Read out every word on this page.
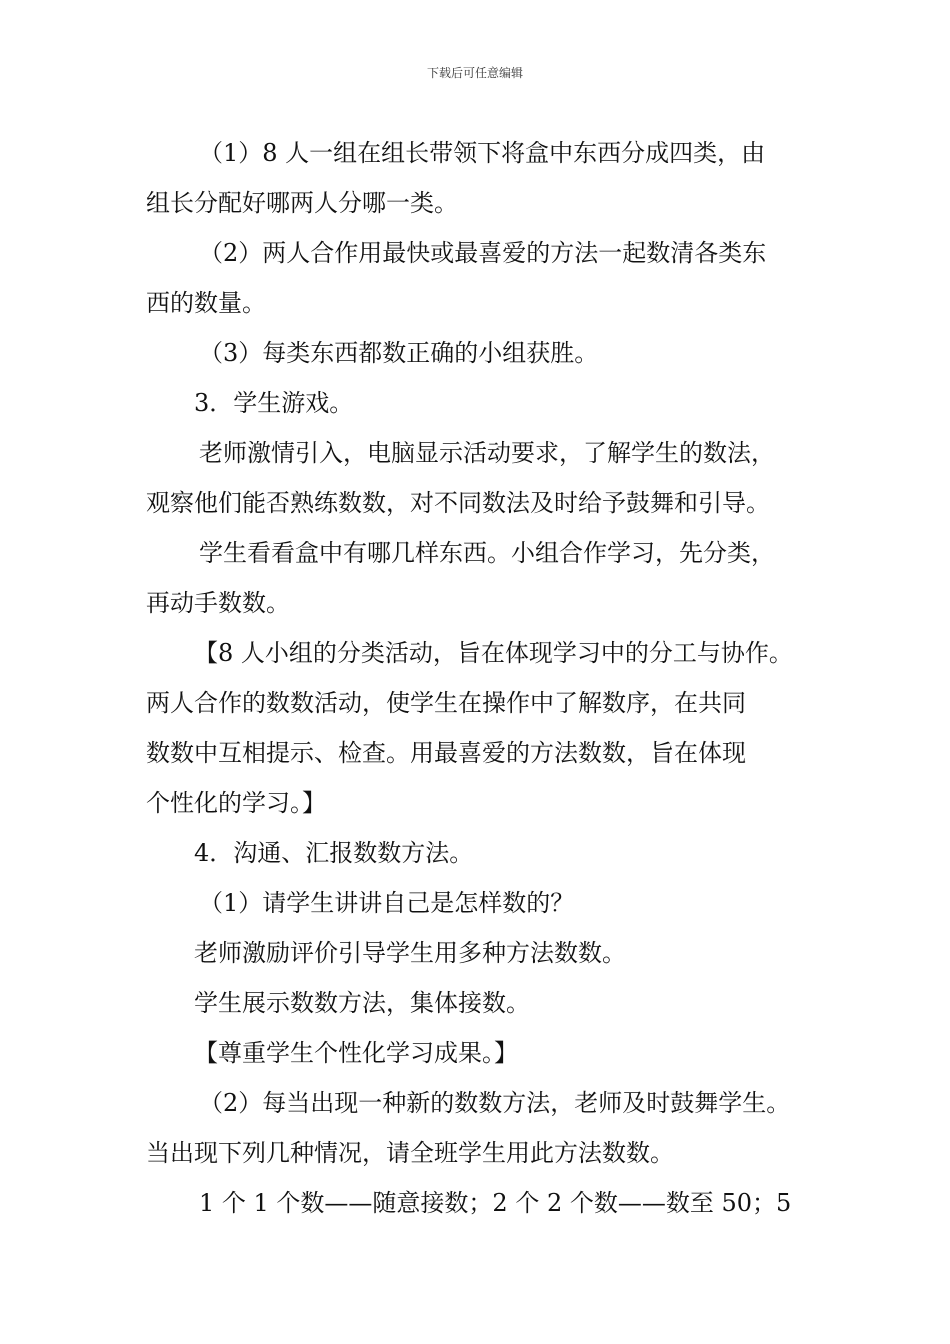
下载后可任意编辑
（1）8 人一组在组长带领下将盒中东西分成四类，由
组长分配好哪两人分哪一类。
（2）两人合作用最快或最喜爱的方法一起数清各类东
西的数量。
（3）每类东西都数正确的小组获胜。
3．学生游戏。
老师激情引入，电脑显示活动要求，了解学生的数法，
观察他们能否熟练数数，对不同数法及时给予鼓舞和引导。
学生看看盒中有哪几样东西。小组合作学习，先分类，
再动手数数。
【8 人小组的分类活动，旨在体现学习中的分工与协作。
两人合作的数数活动，使学生在操作中了解数序，在共同
数数中互相提示、检查。用最喜爱的方法数数，旨在体现
个性化的学习。】
4．沟通、汇报数数方法。
（1）请学生讲讲自己是怎样数的？
老师激励评价引导学生用多种方法数数。
学生展示数数方法，集体接数。
【尊重学生个性化学习成果。】
（2）每当出现一种新的数数方法，老师及时鼓舞学生。
当出现下列几种情况，请全班学生用此方法数数。
1 个 1 个数——随意接数；2 个 2 个数——数至 50；5
